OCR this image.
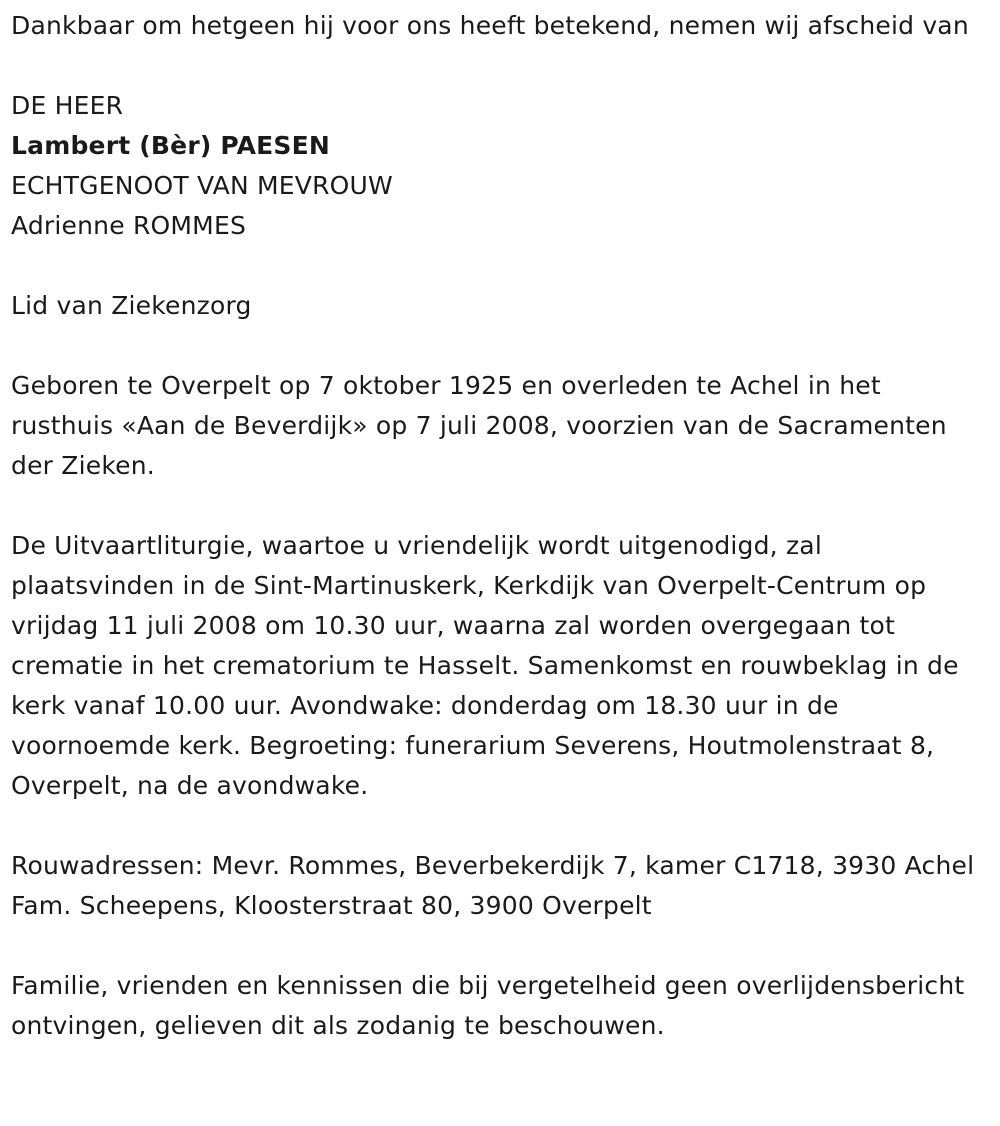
Dankbaar om hetgeen hij voor ons heeft betekend, nemen wij afscheid van

DE HEER

Lambert (Bèr) PAESEN

ECHTGENOOT VAN MEVROUW

Adrienne ROMMES

Lid van Ziekenzorg

Geboren te Overpelt op 7 oktober 1925 en overleden te Achel in het rusthuis «Aan de Beverdijk» op 7 juli 2008, voorzien van de Sacramenten der Zieken.

De Uitvaartliturgie, waartoe u vriendelijk wordt uitgenodigd, zal plaatsvinden in de Sint-Martinuskerk, Kerkdijk van Overpelt-Centrum op vrijdag 11 juli 2008 om 10.30 uur, waarna zal worden overgegaan tot crematie in het crematorium te Hasselt. Samenkomst en rouwbeklag in de kerk vanaf 10.00 uur. Avondwake: donderdag om 18.30 uur in de voornoemde kerk. Begroeting: funerarium Severens, Houtmolenstraat 8, Overpelt, na de avondwake.

Rouwadressen: Mevr. Rommes, Beverbekerdijk 7, kamer C1718, 3930 Achel Fam. Scheepens, Kloosterstraat 80, 3900 Overpelt

Familie, vrienden en kennissen die bij vergetelheid geen overlijdensbericht ontvingen, gelieven dit als zodanig te beschouwen.
